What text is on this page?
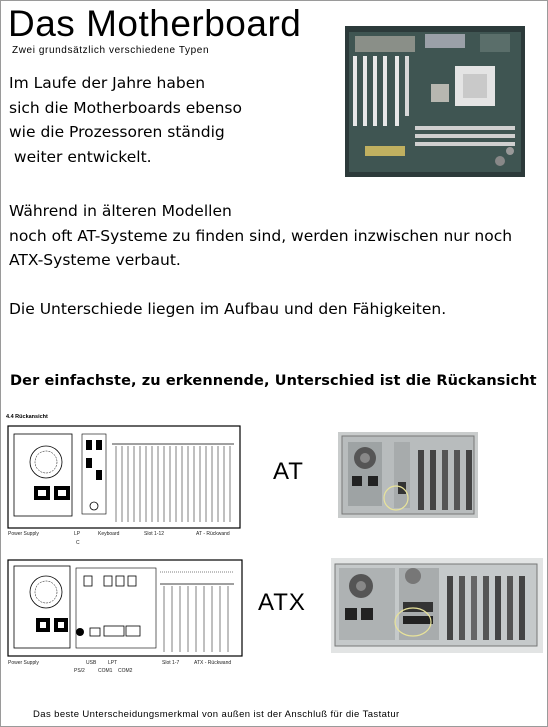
Das Motherboard
Zwei grundsätzlich verschiedene Typen
Im Laufe der Jahre haben
sich die Motherboards ebenso
wie die Prozessoren ständig
weiter entwickelt.
Während in älteren Modellen
noch oft AT-Systeme zu finden sind, werden inzwischen nur noch
ATX-Systeme verbaut.
Die Unterschiede liegen im Aufbau und den Fähigkeiten.
Der einfachste, zu erkennende, Unterschied ist die Rückansicht
4.4 Rückansicht
Power Supply	LP
C
Keyboard	Slot 1-12	AT - Rückwand
AT
Power Supply
PS/2
USB LPT
COM1 COM2
Slot 1-7	ATX - Rückwand
ATX
Das beste Unterscheidungsmerkmal von außen ist der Anschluß für die Tastatur
